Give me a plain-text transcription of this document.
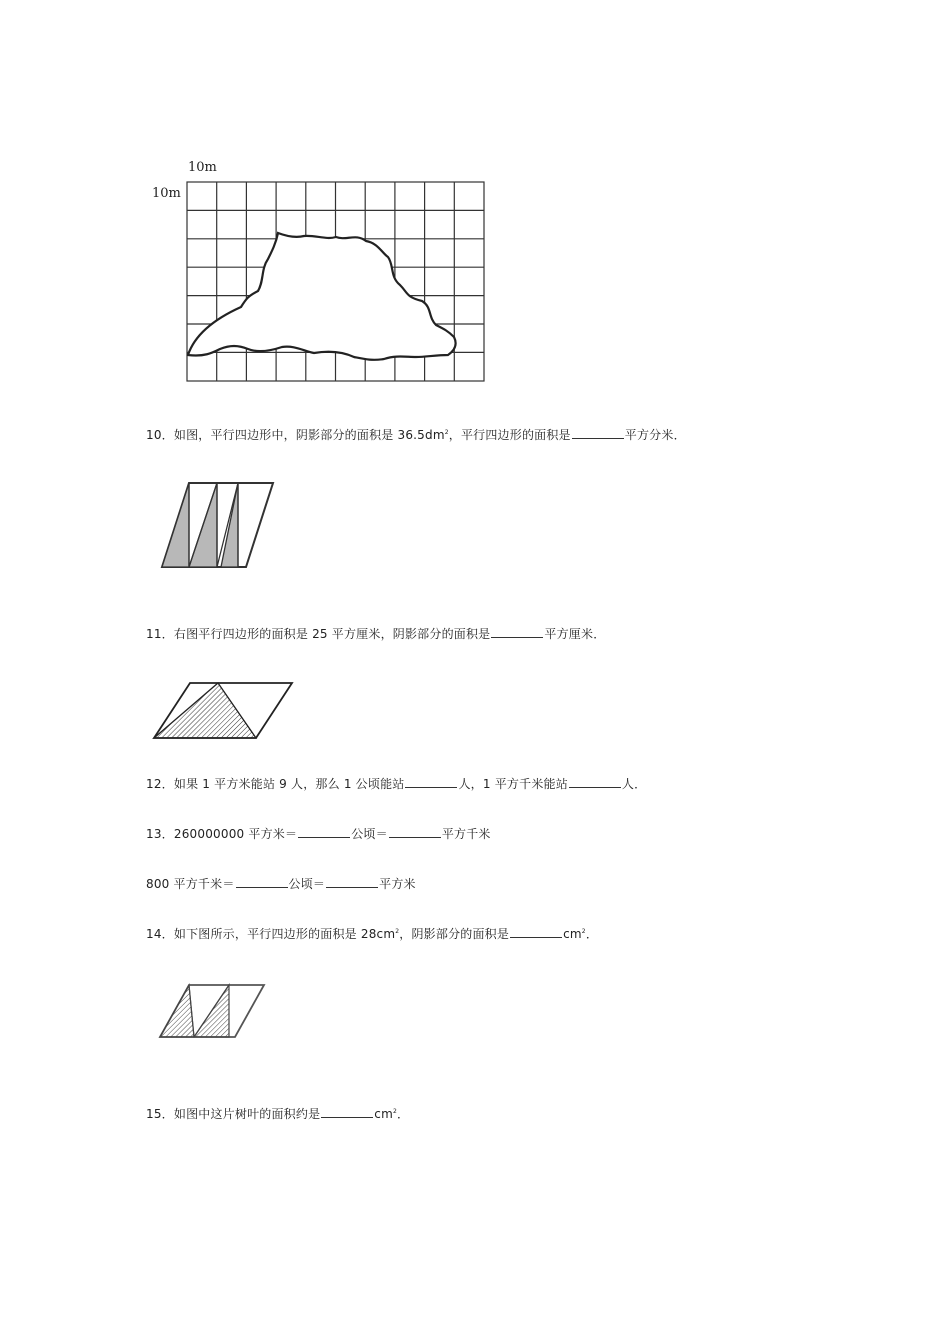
10m
10m
10．如图，平行四边形中，阴影部分的面积是 $36.5dm^2$，平行四边形的面积是	平方分米．
11．右图平行四边形的面积是 25 平方厘米，阴影部分的面积是	平方厘米．
12．如果 1 平方米能站 9 人，那么 1 公顷能站	人，1 平方千米能站	人．
13．260000000 平方米＝	公顷＝	平方千米
800 平方千米＝	公顷＝	平方米
14．如下图所示，平行四边形的面积是 $28cm^2$，阴影部分的面积是	$cm^2$．
15．如图中这片树叶的面积约是	$cm^2$．
